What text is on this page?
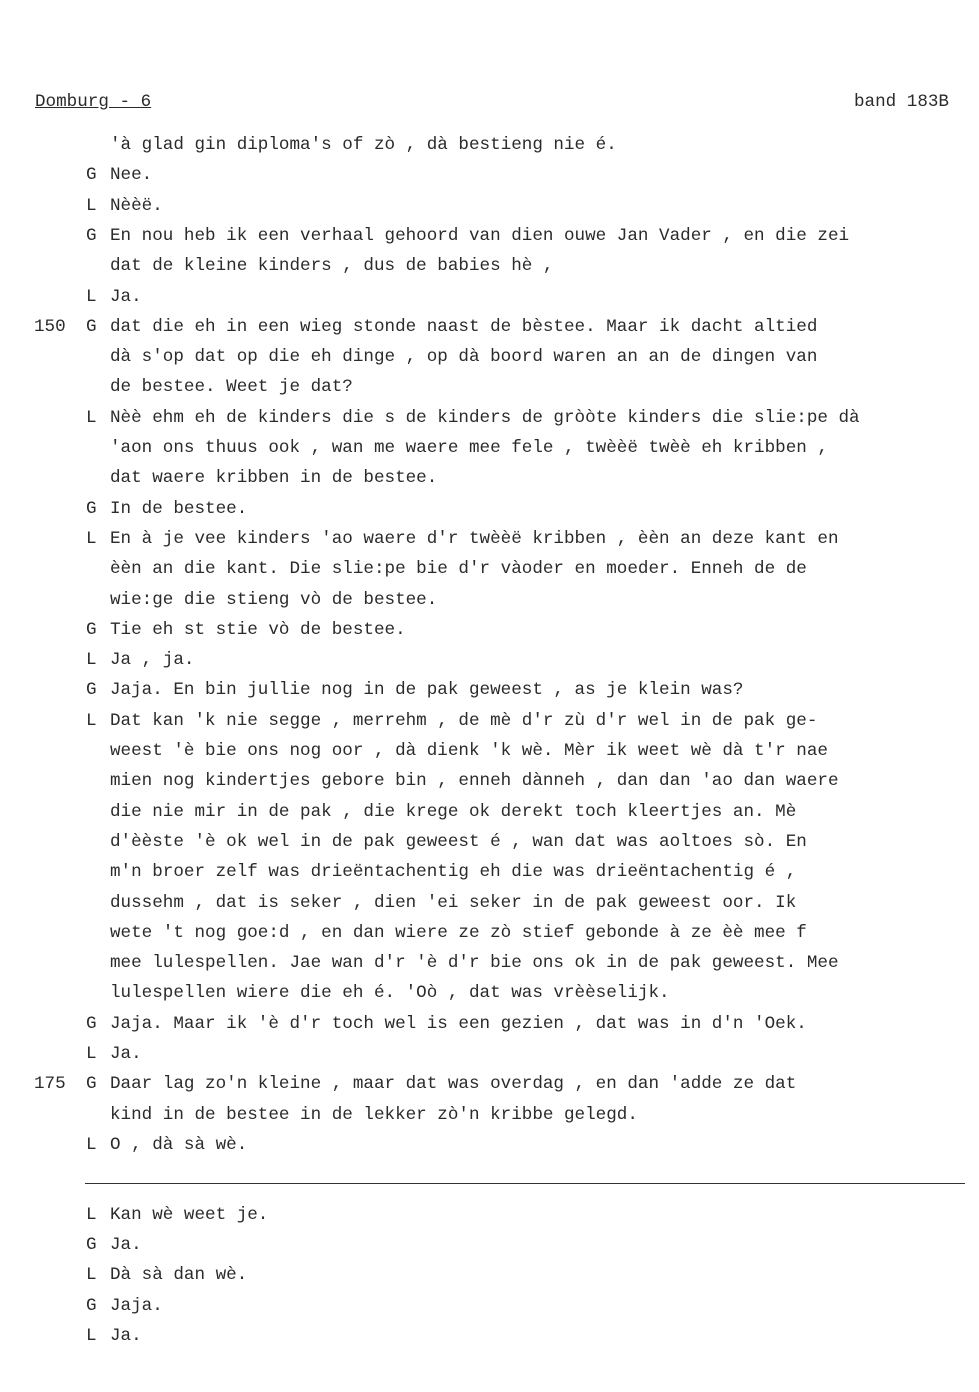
Domburg - 6	band 183B
'à glad gin diploma's of zò , dà bestieng nie é.
G Nee.
L Nèèë.
G En nou heb ik een verhaal gehoord van dien ouwe Jan Vader , en die zei
dat de kleine kinders , dus de babies hè ,
L Ja.
150	G dat die eh in een wieg stonde naast de bèstee. Maar ik dacht altied
dà s'op dat op die eh dinge , op dà boord waren an an de dingen van
de bestee. Weet je dat?
L Nèè ehm eh de kinders die s de kinders de gròòte kinders die slie:pe dà
'aon ons thuus ook , wan me waere mee fele , twèèë twèè eh kribben ,
dat waere kribben in de bestee.
G In de bestee.
L En à je vee kinders 'ao waere d'r twèèë kribben , èèn an deze kant en
èèn an die kant. Die slie:pe bie d'r vàoder en moeder. Enneh de de
wie:ge die stieng vò de bestee.
G Tie eh st stie vò de bestee.
L Ja , ja.
G Jaja. En bin jullie nog in de pak geweest , as je klein was?
L Dat kan 'k nie segge , merrehm , de mè d'r zù d'r wel in de pak ge-
weest 'è bie ons nog oor , dà dienk 'k wè. Mèr ik weet wè dà t'r nae
mien nog kindertjes gebore bin , enneh dànneh , dan dan 'ao dan waere
die nie mir in de pak , die krege ok derekt toch kleertjes an. Mè
d'èèste 'è ok wel in de pak geweest é , wan dat was aoltoes sò. En
m'n broer zelf was drieëntachentig eh die was drieëntachentig é ,
dussehm , dat is seker , dien 'ei seker in de pak geweest oor. Ik
wete 't nog goe:d , en dan wiere ze zò stief gebonde à ze èè mee f
mee lulespellen. Jae wan d'r 'è d'r bie ons ok in de pak geweest. Mee
lulespellen wiere die eh é. 'Oò , dat was vrèèselijk.
G Jaja. Maar ik 'è d'r toch wel is een gezien , dat was in d'n 'Oek.
L Ja.
175	G Daar lag zo'n kleine , maar dat was overdag , en dan 'adde ze dat
kind in de bestee in de lekker zò'n kribbe gelegd.
L O , dà sà wè.
L Kan wè weet je.
G Ja.
L Dà sà dan wè.
G Jaja.
L Ja.
